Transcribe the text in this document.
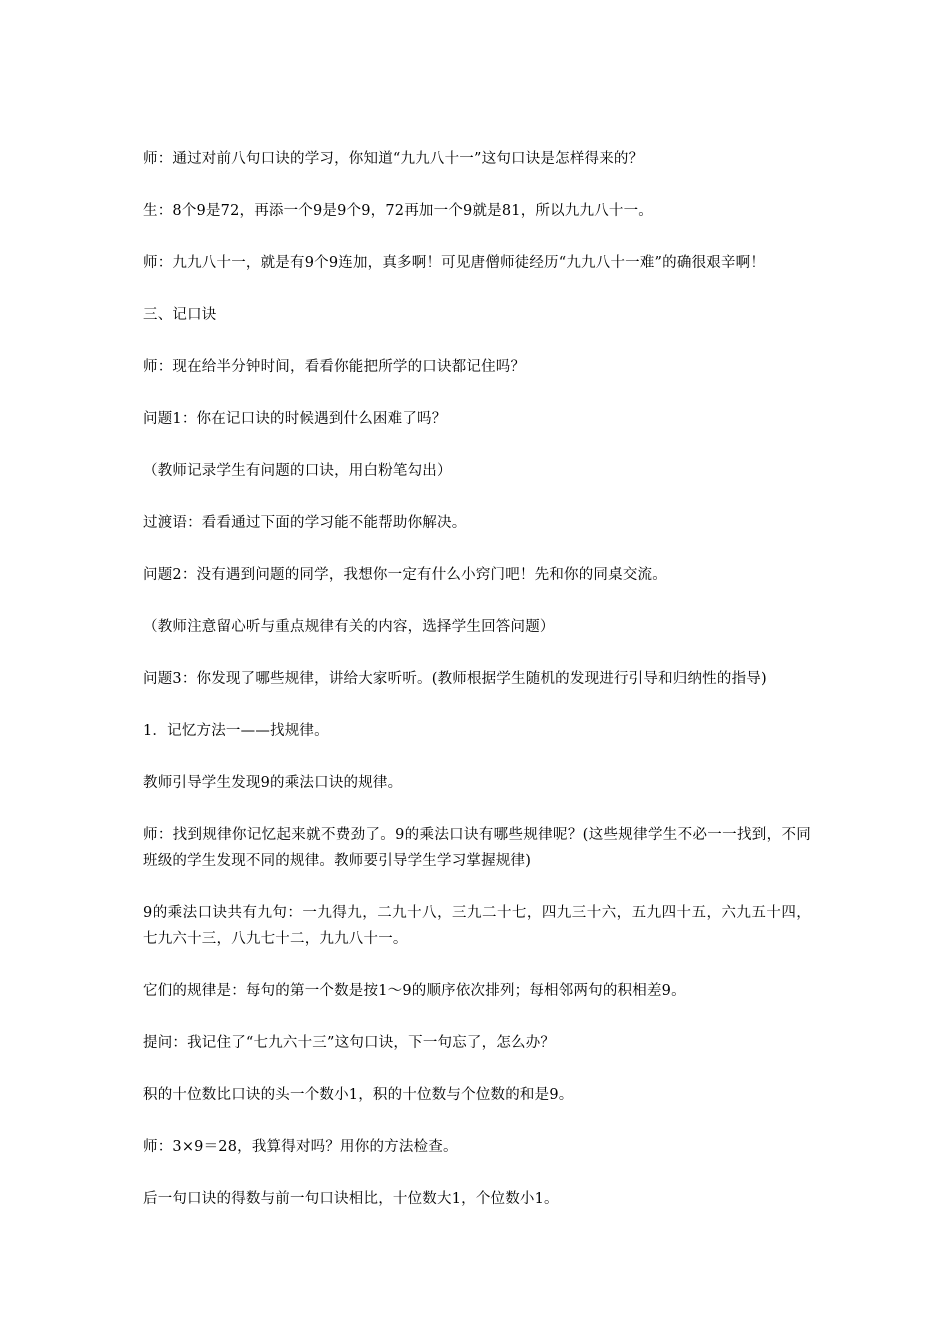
师：通过对前八句口诀的学习，你知道“九九八十一”这句口诀是怎样得来的？

生：8个9是72，再添一个9是9个9，72再加一个9就是81，所以九九八十一。

师：九九八十一，就是有9个9连加，真多啊！可见唐僧师徒经历“九九八十一难”的确很艰辛啊！

三、记口诀

师：现在给半分钟时间，看看你能把所学的口诀都记住吗？

问题1：你在记口诀的时候遇到什么困难了吗？

（教师记录学生有问题的口诀，用白粉笔勾出）

过渡语：看看通过下面的学习能不能帮助你解决。

问题2：没有遇到问题的同学，我想你一定有什么小窍门吧！先和你的同桌交流。

（教师注意留心听与重点规律有关的内容，选择学生回答问题）

问题3：你发现了哪些规律，讲给大家听听。(教师根据学生随机的发现进行引导和归纳性的指导)

1．记忆方法一——找规律。

教师引导学生发现9的乘法口诀的规律。

师：找到规律你记忆起来就不费劲了。9的乘法口诀有哪些规律呢？(这些规律学生不必一一找到，不同班级的学生发现不同的规律。教师要引导学生学习掌握规律)

9的乘法口诀共有九句：一九得九，二九十八，三九二十七，四九三十六，五九四十五，六九五十四，七九六十三，八九七十二，九九八十一。

它们的规律是：每句的第一个数是按1～9的顺序依次排列；每相邻两句的积相差9。

提问：我记住了“七九六十三”这句口诀，下一句忘了，怎么办？

积的十位数比口诀的头一个数小1，积的十位数与个位数的和是9。

师：3×9＝28，我算得对吗？用你的方法检查。

后一句口诀的得数与前一句口诀相比，十位数大1，个位数小1。
